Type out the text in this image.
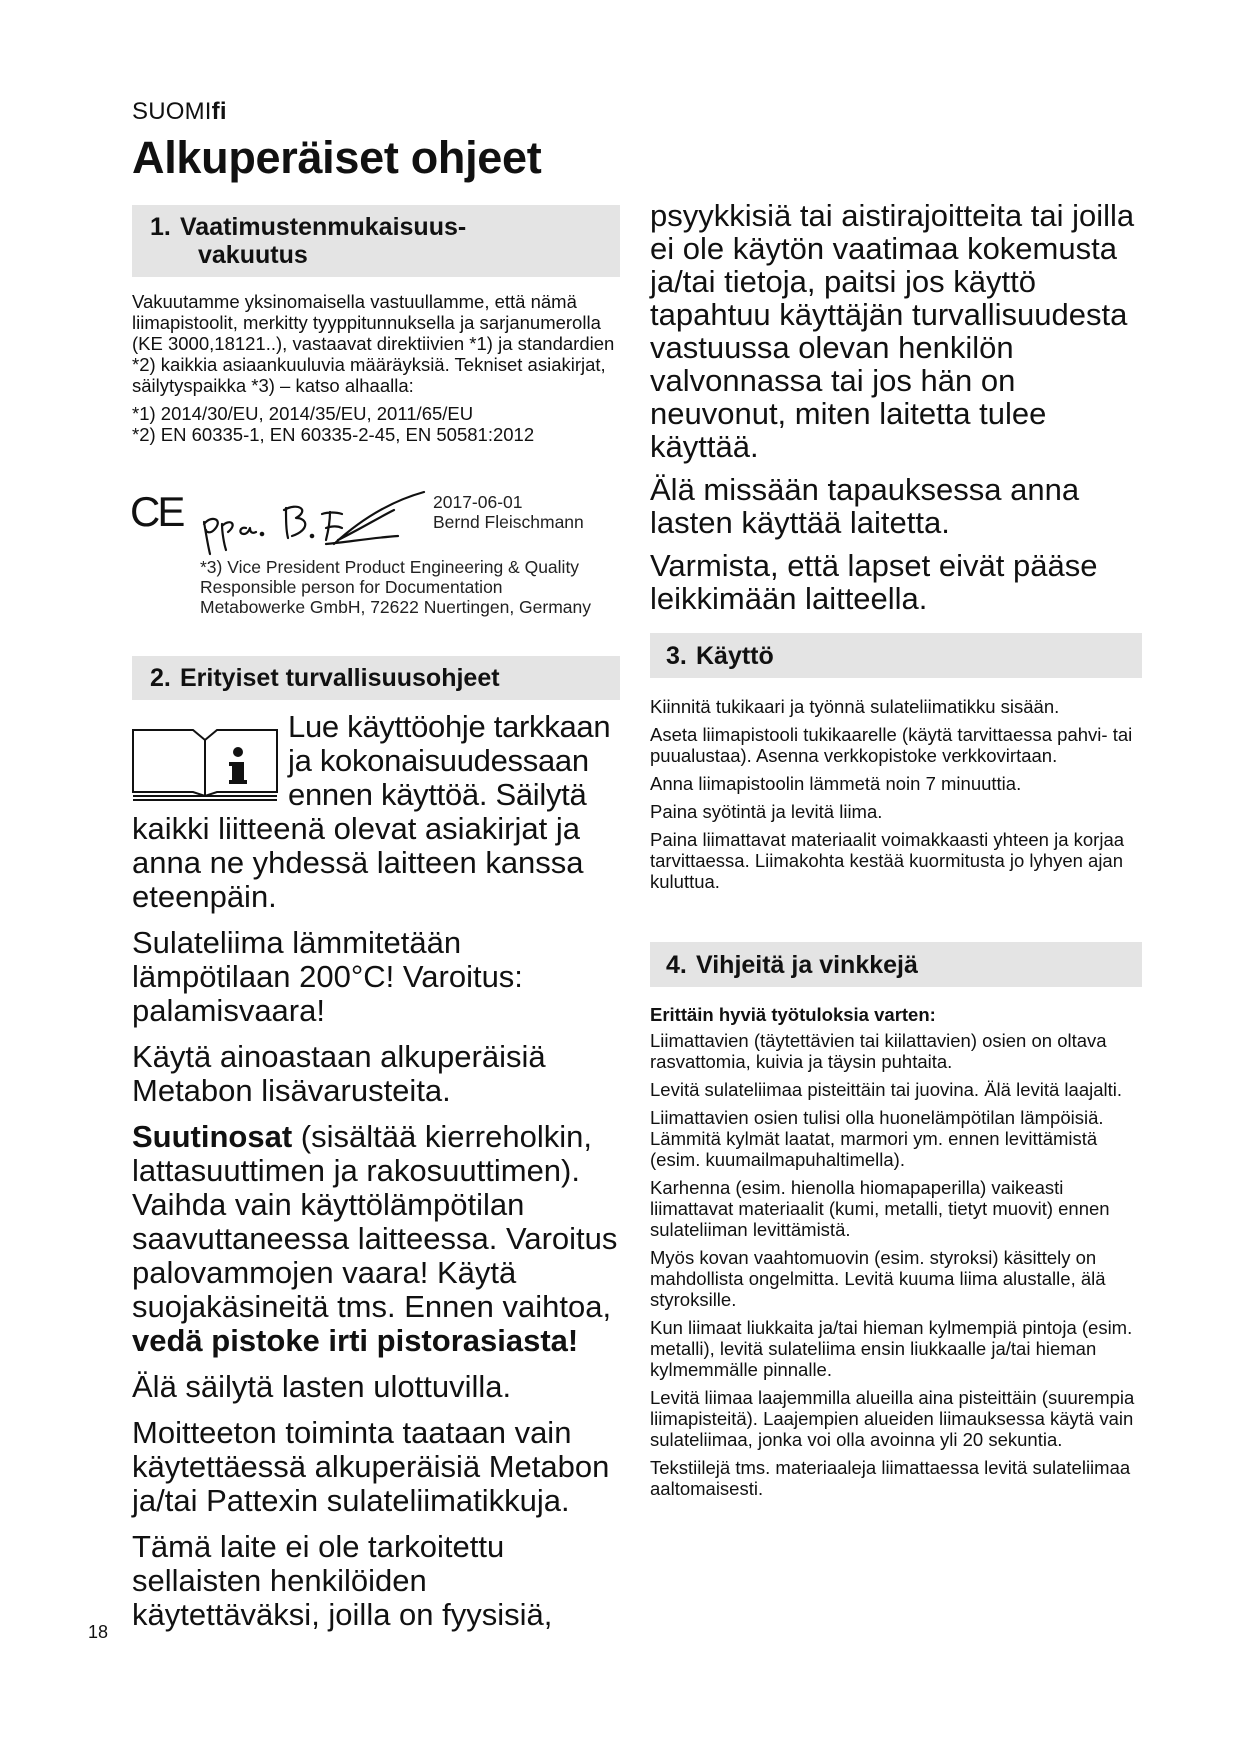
SUOMIfi
Alkuperäiset ohjeet
1. Vaatimustenmukaisuus-
vakuutus

Vakuutamme yksinomaisella vastuullamme, että nämä liimapistoolit, merkitty tyyppitunnuksella ja sarjanumerolla (KE 3000,18121..), vastaavat direktiivien *1) ja standardien *2) kaikkia asiaankuuluvia määräyksiä. Tekniset asiakirjat, säilytyspaikka *3) – katso alhaalla:

*1) 2014/30/EU, 2014/35/EU, 2011/65/EU

*2) EN 60335-1, EN 60335-2-45, EN 50581:2012

CE	2017-06-01

Bernd Fleischmann

*3) Vice President Product Engineering & Quality

Responsible person for Documentation

Metabowerke GmbH, 72622 Nuertingen, Germany

2. Erityiset turvallisuusohjeet
Lue käyttöohje tarkkaan
ja kokonaisuudessaan
ennen käyttöä. Säilytä

kaikki liitteenä olevat asiakirjat ja anna ne yhdessä laitteen kanssa eteenpäin.

Sulateliima lämmitetään lämpötilaan 200°C! Varoitus: palamisvaara!

Käytä ainoastaan alkuperäisiä Metabon lisävarusteita.

Suutinosat (sisältää kierreholkin, lattasuuttimen ja rakosuuttimen). Vaihda vain käyttölämpötilan saavuttaneessa laitteessa. Varoitus palovammojen vaara! Käytä suojakäsineitä tms. Ennen vaihtoa, vedä pistoke irti pistorasiasta!

Älä säilytä lasten ulottuvilla.

Moitteeton toiminta taataan vain käytettäessä alkuperäisiä Metabon ja/tai Pattexin sulateliimatikkuja.

Tämä laite ei ole tarkoitettu sellaisten henkilöiden käytettäväksi, joilla on fyysisiä,

psyykkisiä tai aistirajoitteita tai joilla ei ole käytön vaatimaa kokemusta ja/tai tietoja, paitsi jos käyttö tapahtuu käyttäjän turvallisuudesta vastuussa olevan henkilön valvonnassa tai jos hän on neuvonut, miten laitetta tulee käyttää.

Älä missään tapauksessa anna lasten käyttää laitetta.

Varmista, että lapset eivät pääse leikkimään laitteella.

3. Käyttö

Kiinnitä tukikaari ja työnnä sulateliimatikku sisään.

Aseta liimapistooli tukikaarelle (käytä tarvittaessa pahvi- tai puualustaa). Asenna verkkopistoke verkkovirtaan.

Anna liimapistoolin lämmetä noin 7 minuuttia.

Paina syötintä ja levitä liima.

Paina liimattavat materiaalit voimakkaasti yhteen ja korjaa tarvittaessa. Liimakohta kestää kuormitusta jo lyhyen ajan kuluttua.

4. Vihjeitä ja vinkkejä

Erittäin hyviä työtuloksia varten:

Liimattavien (täytettävien tai kiilattavien) osien on oltava rasvattomia, kuivia ja täysin puhtaita.

Levitä sulateliimaa pisteittäin tai juovina. Älä levitä laajalti.

Liimattavien osien tulisi olla huonelämpötilan lämpöisiä. Lämmitä kylmät laatat, marmori ym. ennen levittämistä (esim. kuumailmapuhaltimella).

Karhenna (esim. hienolla hiomapaperilla) vaikeasti liimattavat materiaalit (kumi, metalli, tietyt muovit) ennen sulateliiman levittämistä.

Myös kovan vaahtomuovin (esim. styroksi) käsittely on mahdollista ongelmitta. Levitä kuuma liima alustalle, älä styroksille.

Kun liimaat liukkaita ja/tai hieman kylmempiä pintoja (esim. metalli), levitä sulateliima ensin liukkaalle ja/tai hieman kylmemmälle pinnalle.

Levitä liimaa laajemmilla alueilla aina pisteittäin (suurempia liimapisteitä). Laajempien alueiden liimauksessa käytä vain sulateliimaa, jonka voi olla avoinna yli 20 sekuntia.

Tekstiilejä tms. materiaaleja liimattaessa levitä sulateliimaa aaltomaisesti.

18
